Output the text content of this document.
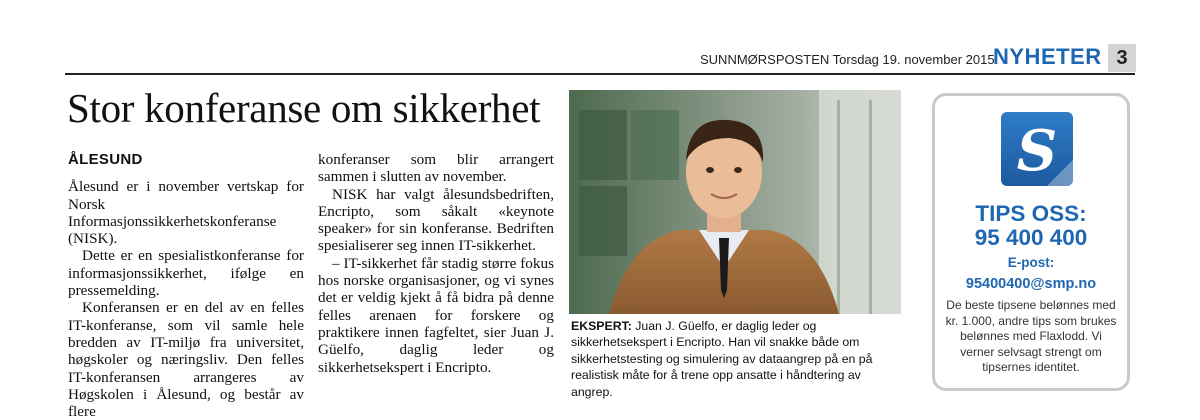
SUNNMØRSPOSTEN Torsdag 19. november 2015
NYHETER 3
Stor konferanse om sikkerhet
ÅLESUND

Ålesund er i november vertskap for Norsk Informasjonssikkerhetskonferanse (NISK).

Dette er en spesialistkonferanse for informasjonssikkerhet, ifølge en pressemelding.

Konferansen er en del av en felles IT-konferanse, som vil samle hele bredden av IT-miljø fra universitet, høgskoler og næringsliv. Den felles IT-konferansen arrangeres av Høgskolen i Ålesund, og består av flere

konferanser som blir arrangert sammen i slutten av november.

NISK har valgt ålesundsbedriften, Encripto, som såkalt «keynote speaker» for sin konferanse. Bedriften spesialiserer seg innen IT-sikkerhet.

– IT-sikkerhet får stadig større fokus hos norske organisasjoner, og vi synes det er veldig kjekt å få bidra på denne felles arenaen for forskere og praktikere innen fagfeltet, sier Juan J. Güelfo, daglig leder og sikkerhetsekspert i Encripto.

EKSPERT: Juan J. Güelfo, er daglig leder og sikkerhetsekspert i Encripto. Han vil snakke både om sikkerhetstesting og simulering av dataangrep på en på realistisk måte for å trene opp ansatte i håndtering av angrep.
S
TIPS OSS:
95 400 400
E-post:
95400400@smp.no
De beste tipsene belønnes med kr. 1.000, andre tips som brukes belønnes med Flaxlodd. Vi verner selvsagt strengt om tipsernes identitet.
